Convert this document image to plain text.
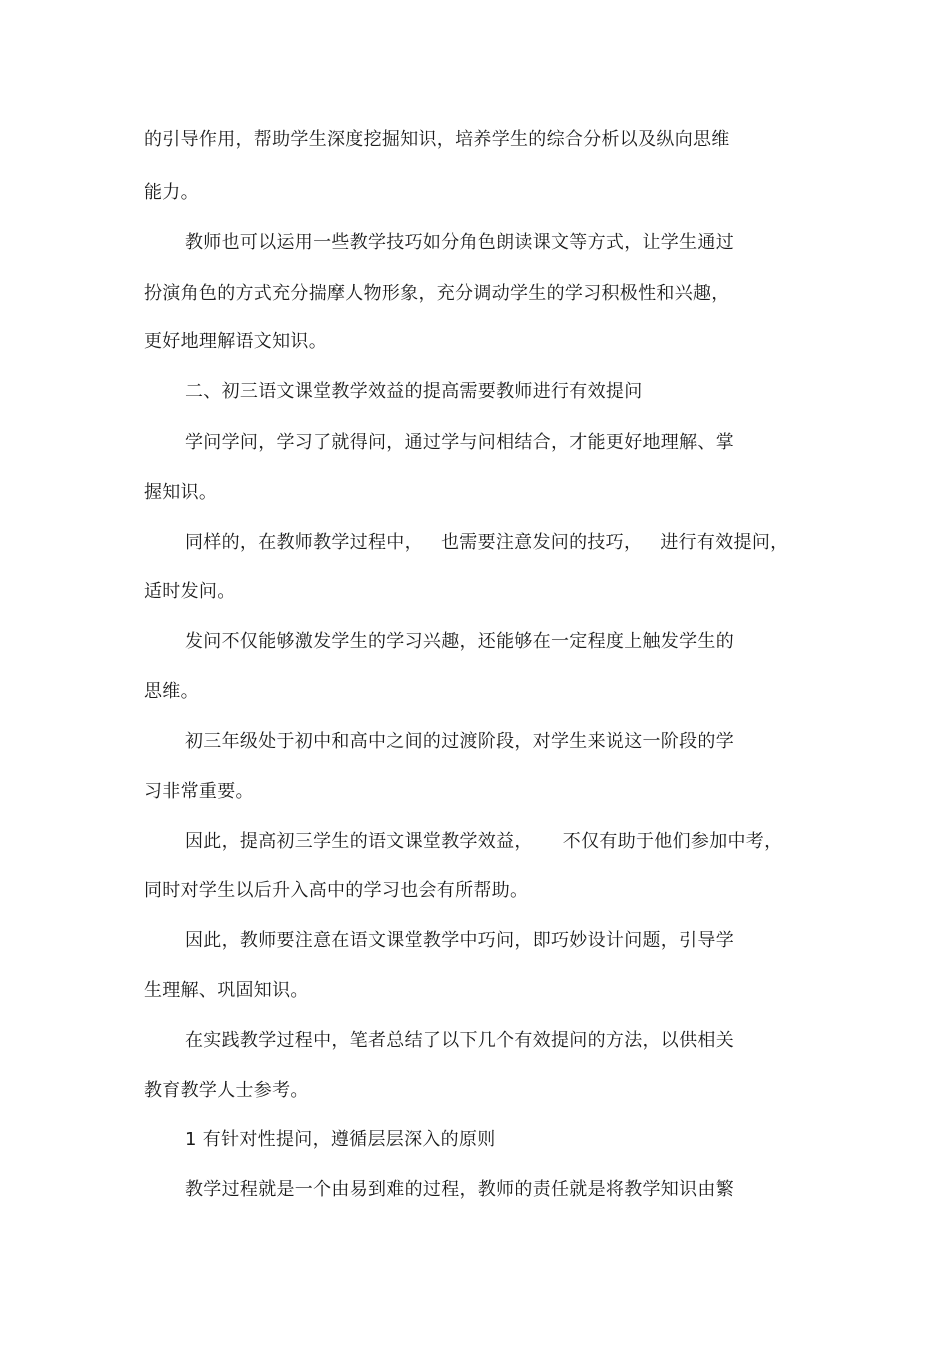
的引导作用，帮助学生深度挖掘知识，培养学生的综合分析以及纵向思维
能力。
教师也可以运用一些教学技巧如分角色朗读课文等方式，让学生通过
扮演角色的方式充分揣摩人物形象，充分调动学生的学习积极性和兴趣，
更好地理解语文知识。
二、初三语文课堂教学效益的提高需要教师进行有效提问
学问学问，学习了就得问，通过学与问相结合，才能更好地理解、掌
握知识。
同样的，在教师教学过程中，   也需要注意发问的技巧，   进行有效提问，
适时发问。
发问不仅能够激发学生的学习兴趣，还能够在一定程度上触发学生的
思维。
初三年级处于初中和高中之间的过渡阶段，对学生来说这一阶段的学
习非常重要。
因此，提高初三学生的语文课堂教学效益，     不仅有助于他们参加中考，
同时对学生以后升入高中的学习也会有所帮助。
因此，教师要注意在语文课堂教学中巧问，即巧妙设计问题，引导学
生理解、巩固知识。
在实践教学过程中，笔者总结了以下几个有效提问的方法，以供相关
教育教学人士参考。
1 有针对性提问，遵循层层深入的原则
教学过程就是一个由易到难的过程，教师的责任就是将教学知识由繁
